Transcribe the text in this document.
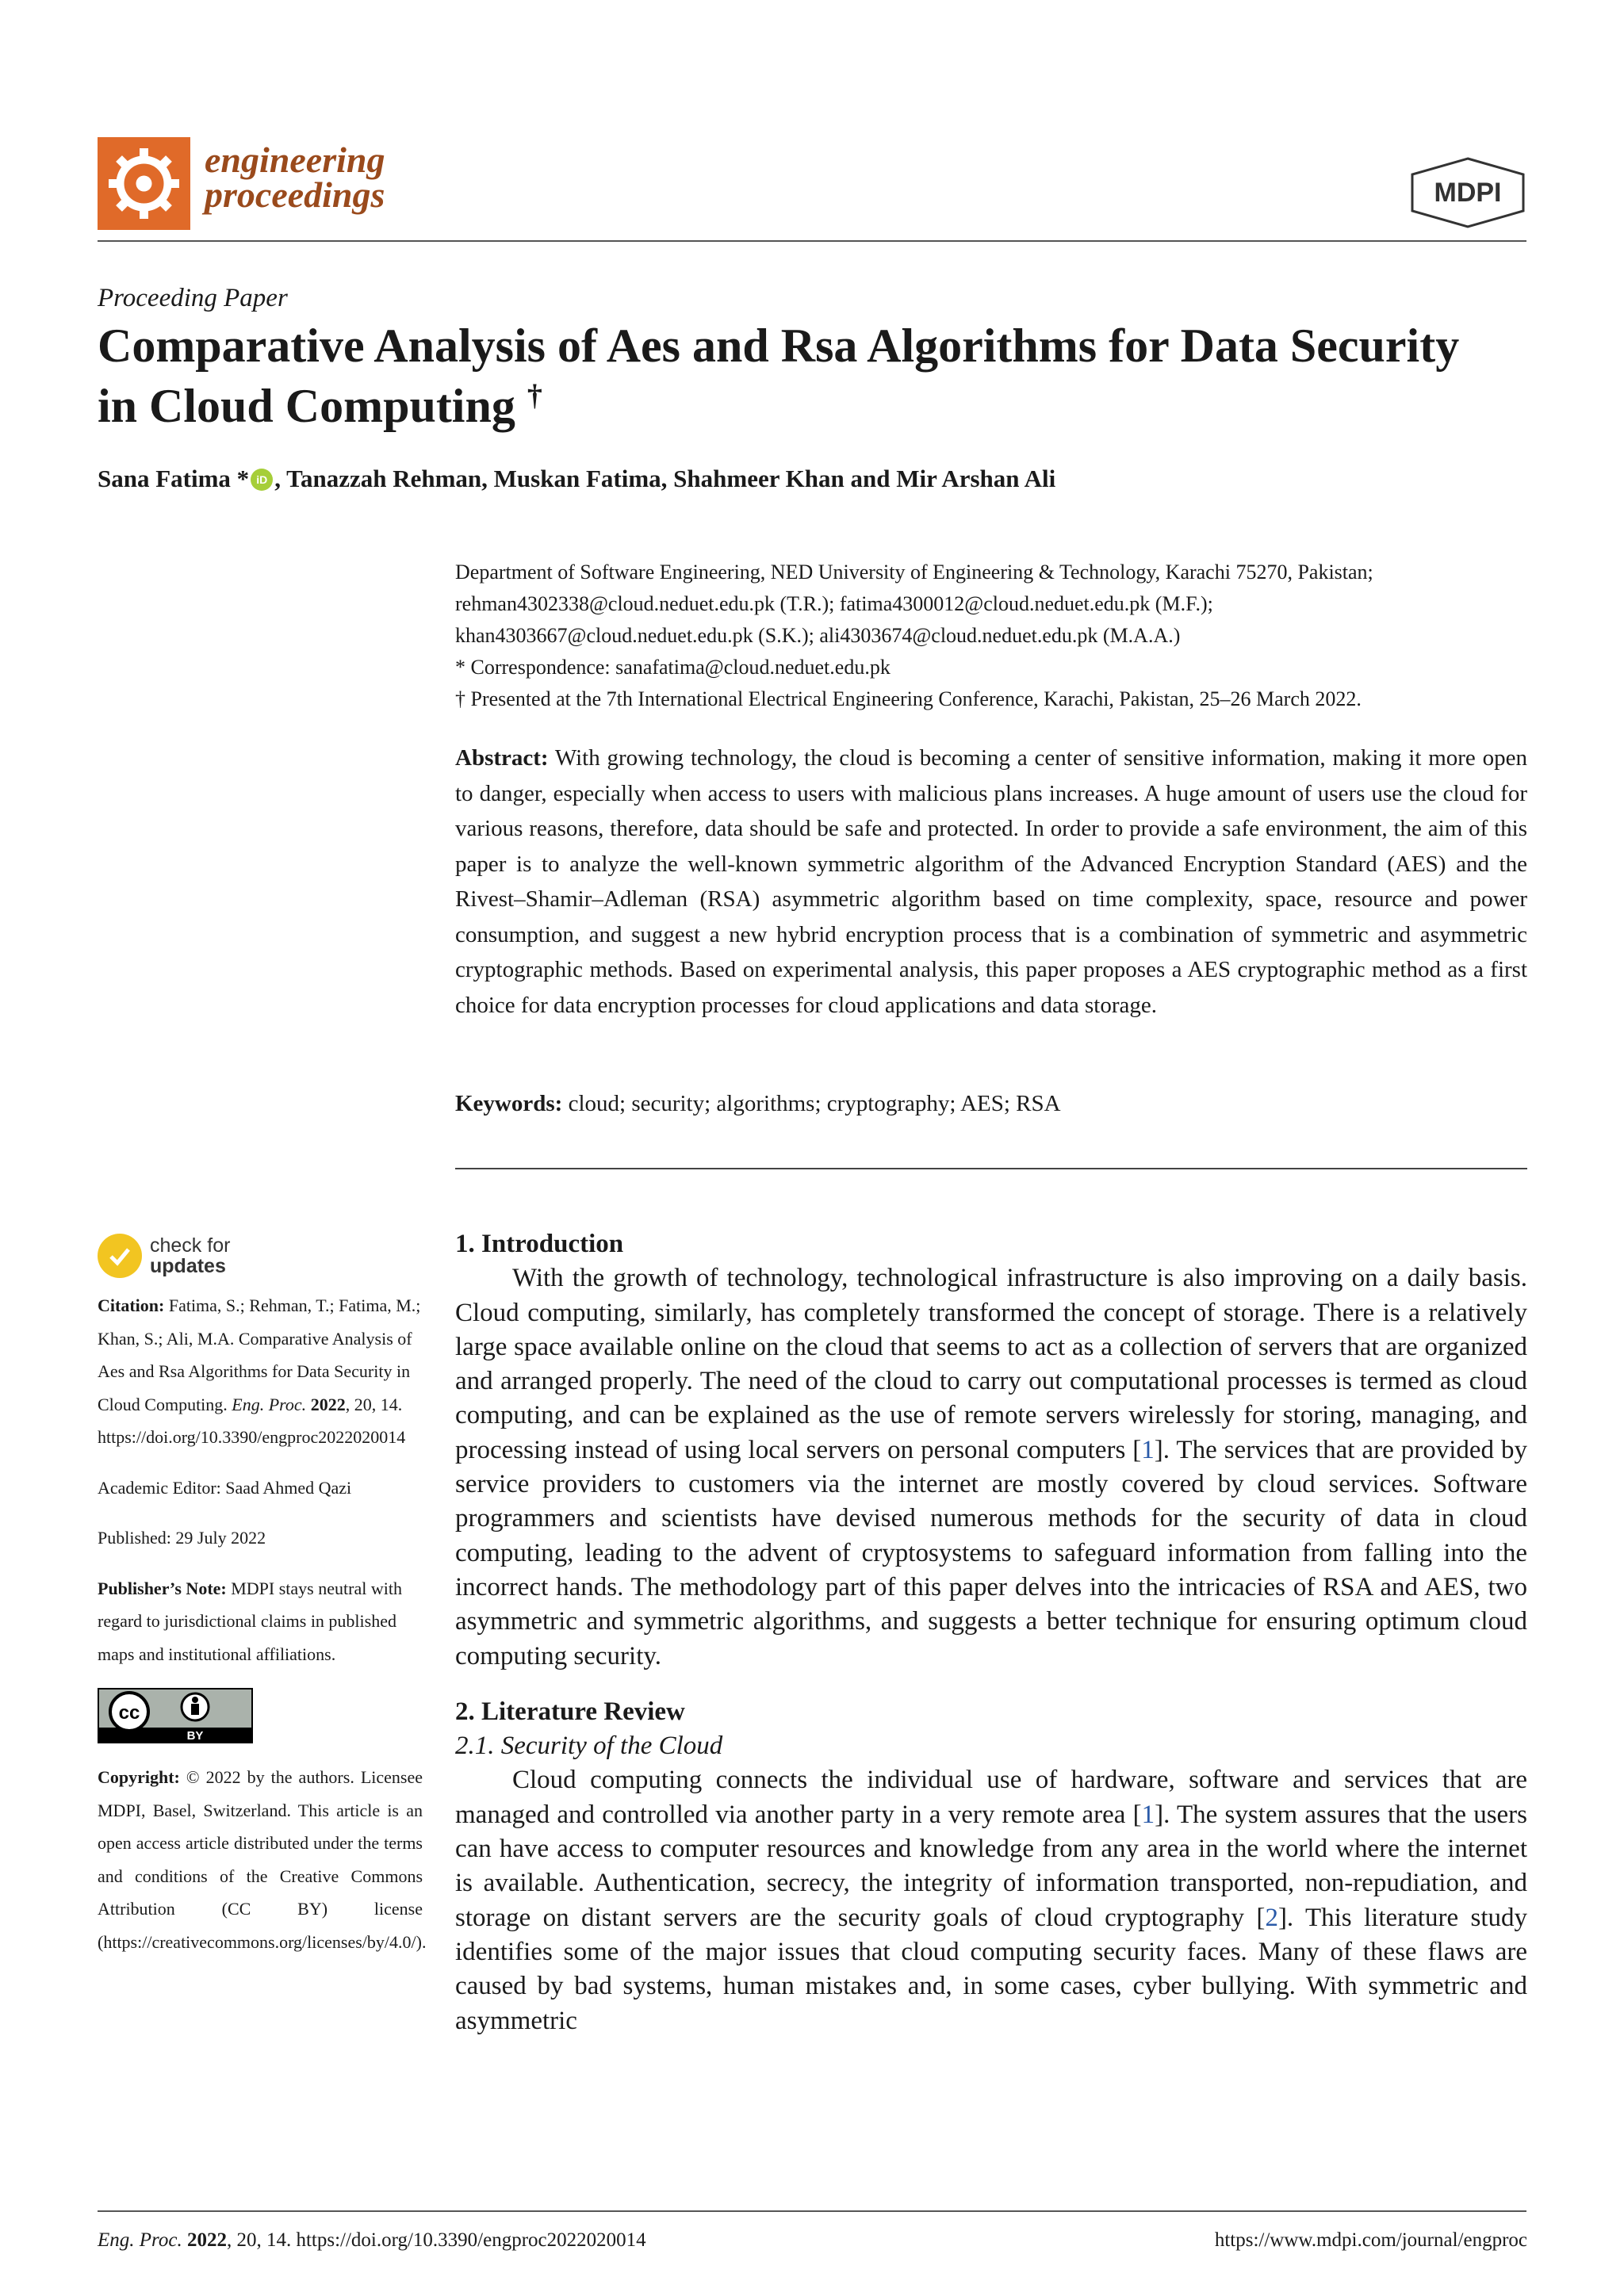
engineering
proceedings	MDPI
Proceeding Paper
Comparative Analysis of Aes and Rsa Algorithms for Data Security in Cloud Computing †
Sana Fatima * iD , Tanazzah Rehman, Muskan Fatima, Shahmeer Khan and Mir Arshan Ali
Department of Software Engineering, NED University of Engineering & Technology, Karachi 75270, Pakistan;
rehman4302338@cloud.neduet.edu.pk (T.R.); fatima4300012@cloud.neduet.edu.pk (M.F.);
khan4303667@cloud.neduet.edu.pk (S.K.); ali4303674@cloud.neduet.edu.pk (M.A.A.)
* Correspondence: sanafatima@cloud.neduet.edu.pk
† Presented at the 7th International Electrical Engineering Conference, Karachi, Pakistan, 25–26 March 2022.
Abstract: With growing technology, the cloud is becoming a center of sensitive information, making it more open to danger, especially when access to users with malicious plans increases. A huge amount of users use the cloud for various reasons, therefore, data should be safe and protected. In order to provide a safe environment, the aim of this paper is to analyze the well-known symmetric algorithm of the Advanced Encryption Standard (AES) and the Rivest–Shamir–Adleman (RSA) asymmetric algorithm based on time complexity, space, resource and power consumption, and suggest a new hybrid encryption process that is a combination of symmetric and asymmetric cryptographic methods. Based on experimental analysis, this paper proposes a AES cryptographic method as a first choice for data encryption processes for cloud applications and data storage.
Keywords: cloud; security; algorithms; cryptography; AES; RSA
check for
updates

Citation: Fatima, S.; Rehman, T.; Fatima, M.; Khan, S.; Ali, M.A. Comparative Analysis of Aes and Rsa Algorithms for Data Security in Cloud Computing. Eng. Proc. 2022, 20, 14. https://doi.org/10.3390/engproc2022020014

Academic Editor: Saad Ahmed Qazi

Published: 29 July 2022

Publisher’s Note: MDPI stays neutral with regard to jurisdictional claims in published maps and institutional affiliations.

cc
BY

Copyright: © 2022 by the authors. Licensee MDPI, Basel, Switzerland. This article is an open access article distributed under the terms and conditions of the Creative Commons Attribution (CC BY) license (https://creativecommons.org/licenses/by/4.0/).

1. Introduction

With the growth of technology, technological infrastructure is also improving on a daily basis. Cloud computing, similarly, has completely transformed the concept of storage. There is a relatively large space available online on the cloud that seems to act as a collection of servers that are organized and arranged properly. The need of the cloud to carry out computational processes is termed as cloud computing, and can be explained as the use of remote servers wirelessly for storing, managing, and processing instead of using local servers on personal computers [1]. The services that are provided by service providers to customers via the internet are mostly covered by cloud services. Software programmers and scientists have devised numerous methods for the security of data in cloud computing, leading to the advent of cryptosystems to safeguard information from falling into the incorrect hands. The methodology part of this paper delves into the intricacies of RSA and AES, two asymmetric and symmetric algorithms, and suggests a better technique for ensuring optimum cloud computing security.

2. Literature Review
2.1. Security of the Cloud

Cloud computing connects the individual use of hardware, software and services that are managed and controlled via another party in a very remote area [1]. The system assures that the users can have access to computer resources and knowledge from any area in the world where the internet is available. Authentication, secrecy, the integrity of information transported, non-repudiation, and storage on distant servers are the security goals of cloud cryptography [2]. This literature study identifies some of the major issues that cloud computing security faces. Many of these flaws are caused by bad systems, human mistakes and, in some cases, cyber bullying. With symmetric and asymmetric

Eng. Proc. 2022, 20, 14. https://doi.org/10.3390/engproc2022020014	https://www.mdpi.com/journal/engproc
